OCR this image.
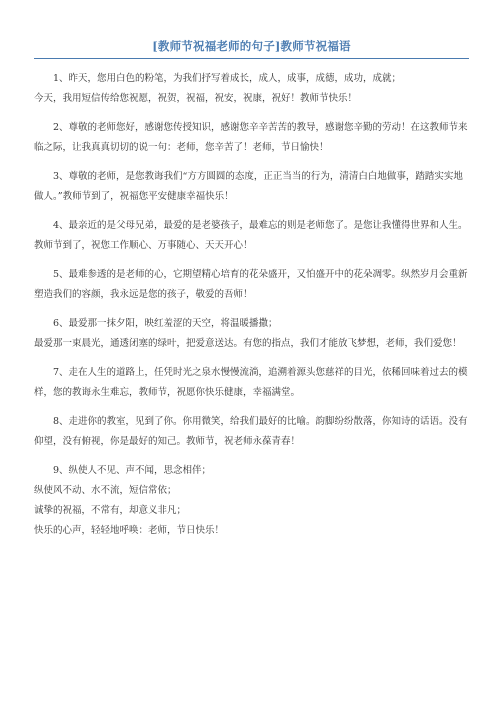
[教师节祝福老师的句子]教师节祝福语

1、昨天，您用白色的粉笔，为我们抒写着成长，成人，成事，成德，成功，成就；

今天，我用短信传给您祝愿，祝贺，祝福，祝安，祝康，祝好！教师节快乐！

2、尊敬的老师您好，感谢您传授知识，感谢您辛辛苦苦的教导，感谢您辛勤的劳动！在这教师节来临之际，让我真真切切的说一句：老师，您辛苦了！老师，节日愉快！

3、尊敬的老师，是您教诲我们“方方圆圆的态度，正正当当的行为，清清白白地做事，踏踏实实地做人。”教师节到了，祝福您平安健康幸福快乐！

4、最亲近的是父母兄弟，最爱的是老婆孩子，最难忘的则是老师您了。是您让我懂得世界和人生。教师节到了，祝您工作顺心、万事随心、天天开心！

5、最难参透的是老师的心，它期望精心培育的花朵盛开，又怕盛开中的花朵凋零。纵然岁月会重新塑造我们的容颜，我永远是您的孩子，敬爱的吾师！

6、最爱那一抹夕阳，映红羞涩的天空，将温暖播撒；

最爱那一束晨光，通透闭塞的绿叶，把爱意送达。有您的指点，我们才能放飞梦想，老师，我们爱您！

7、走在人生的道路上，任凭时光之泉水慢慢流淌，追溯着源头您慈祥的目光，依稀回味着过去的模样，您的教诲永生难忘，教师节，祝愿你快乐健康，幸福满堂。

8、走进你的教室，见到了你。你用微笑，给我们最好的比喻。韵脚纷纷散落，你知诗的话语。没有仰望，没有俯视，你是最好的知己。教师节，祝老师永葆青春！

9、纵使人不见、声不闻，思念相伴；

纵使风不动、水不流，短信常依；

诚挚的祝福，不常有，却意义非凡；

快乐的心声，轻轻地呼唤：老师，节日快乐！
